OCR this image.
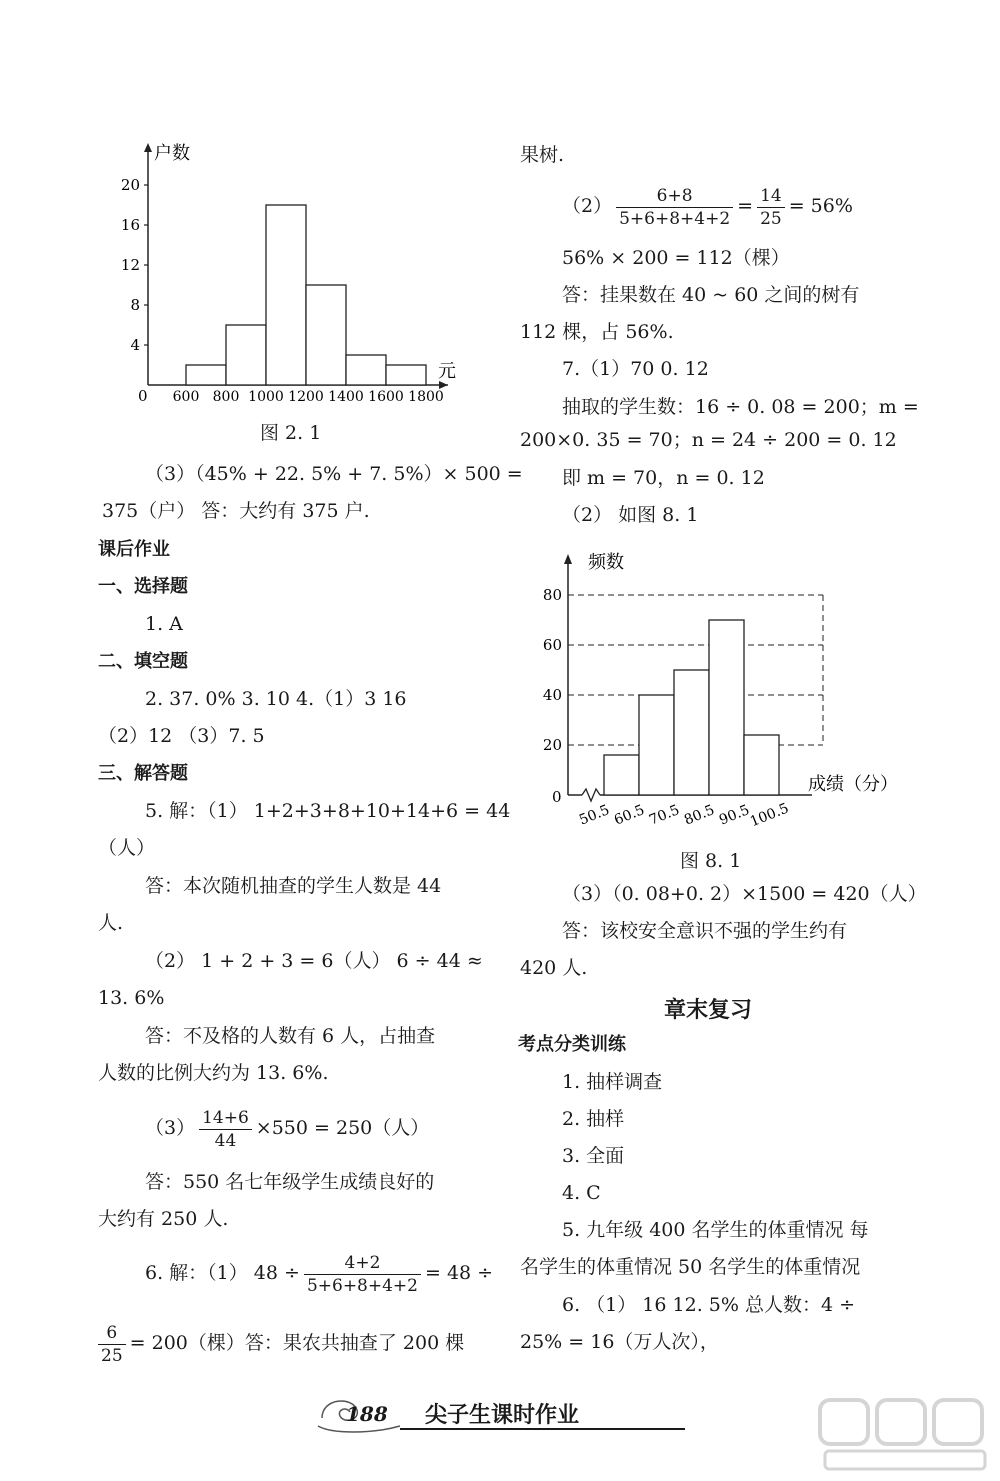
4
8
12
16
20
600 800 1000 1200 1400 1600 1800
户数
元
0
图 2. 1
（3）（45% + 22. 5% + 7. 5%）× 500 =
375（户） 答：大约有 375 户.
课后作业
一、选择题
1. A
二、填空题
2. 37. 0% 3. 10 4.（1）3 16
（2）12 （3）7. 5
三、解答题
5. 解：（1） 1+2+3+8+10+14+6 = 44
（人）
答：本次随机抽查的学生人数是 44
人.
（2） 1 + 2 + 3 = 6（人） 6 ÷ 44 ≈
13. 6%
答：不及格的人数有 6 人，占抽查
人数的比例大约为 13. 6%.
$(3) \frac{14+6}{44} \times 550 = 250$（人）
答：550 名七年级学生成绩良好的
大约有 250 人.
6. 解：（1） $48 \div \frac{4+2}{5+6+8+4+2} = 48$ ÷
$\frac{6}{25} = 200$（棵）答：果农共抽查了 200 棵
果树.
$(2) \frac{6+8}{5+6+8+4+2} = \frac{14}{25} = 56\%$
56% × 200 = 112（棵）
答：挂果数在 40 ~ 60 之间的树有
112 棵，占 56%.
7.（1）70 0. 12
抽取的学生数：16 ÷ 0. 08 = 200；m =
200×0. 35 = 70；n = 24 ÷ 200 = 0. 12
即 m = 70，n = 0. 12
（2） 如图 8. 1
20
40
60
80
50.5 60.5 70.5 80.5 90.5
100.5
频数
成绩（分）
0
图 8. 1
（3）（0. 08+0. 2）×1500 = 420（人）
答：该校安全意识不强的学生约有
420 人.
章末复习
考点分类训练
1. 抽样调查
2. 抽样
3. 全面
4. C
5. 九年级 400 名学生的体重情况 每
名学生的体重情况 50 名学生的体重情况
6. （1） 16 12. 5% 总人数：4 ÷
25% = 16（万人次），
188 尖子生课时作业
